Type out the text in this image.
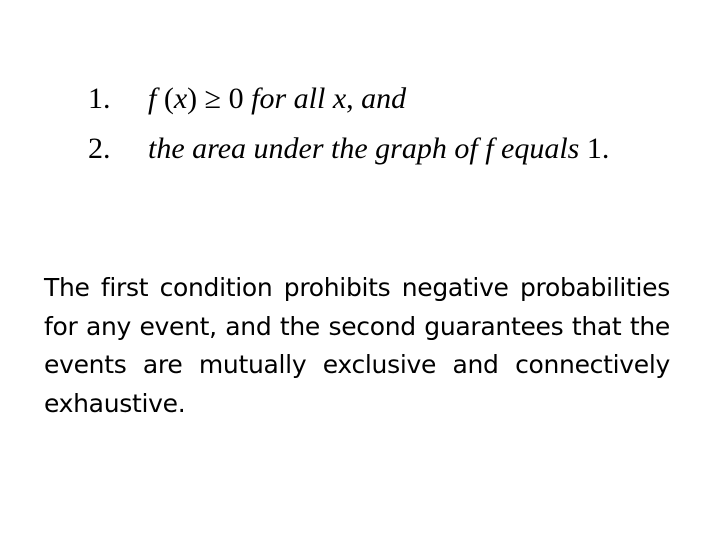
1.	f (x) ≥ 0 for all x, and
2.	the area under the graph of f equals 1.

The first condition prohibits negative probabilities for any event, and the second guarantees that the events are mutually exclusive and connectively exhaustive.
